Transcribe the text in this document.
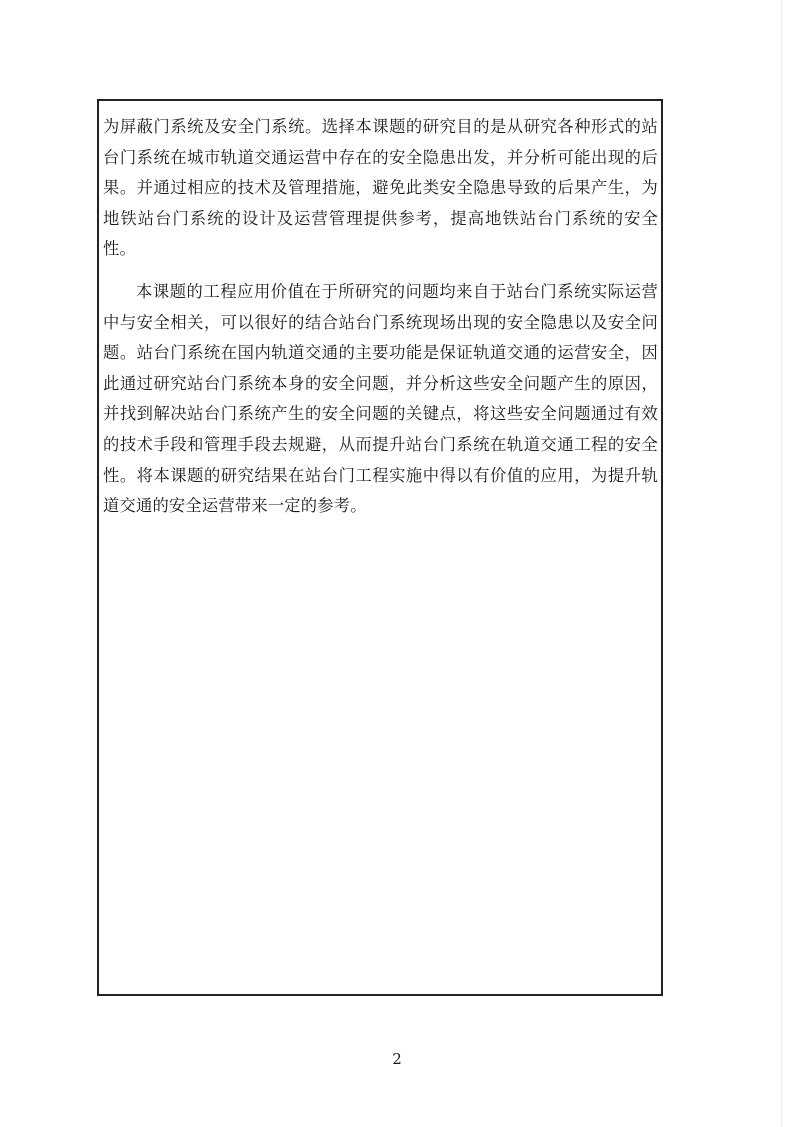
为屏蔽门系统及安全门系统。选择本课题的研究目的是从研究各种形式的站台门系统在城市轨道交通运营中存在的安全隐患出发，并分析可能出现的后果。并通过相应的技术及管理措施，避免此类安全隐患导致的后果产生，为地铁站台门系统的设计及运营管理提供参考，提高地铁站台门系统的安全性。

本课题的工程应用价值在于所研究的问题均来自于站台门系统实际运营中与安全相关，可以很好的结合站台门系统现场出现的安全隐患以及安全问题。站台门系统在国内轨道交通的主要功能是保证轨道交通的运营安全，因此通过研究站台门系统本身的安全问题，并分析这些安全问题产生的原因，并找到解决站台门系统产生的安全问题的关键点，将这些安全问题通过有效的技术手段和管理手段去规避，从而提升站台门系统在轨道交通工程的安全性。将本课题的研究结果在站台门工程实施中得以有价值的应用，为提升轨道交通的安全运营带来一定的参考。

2
